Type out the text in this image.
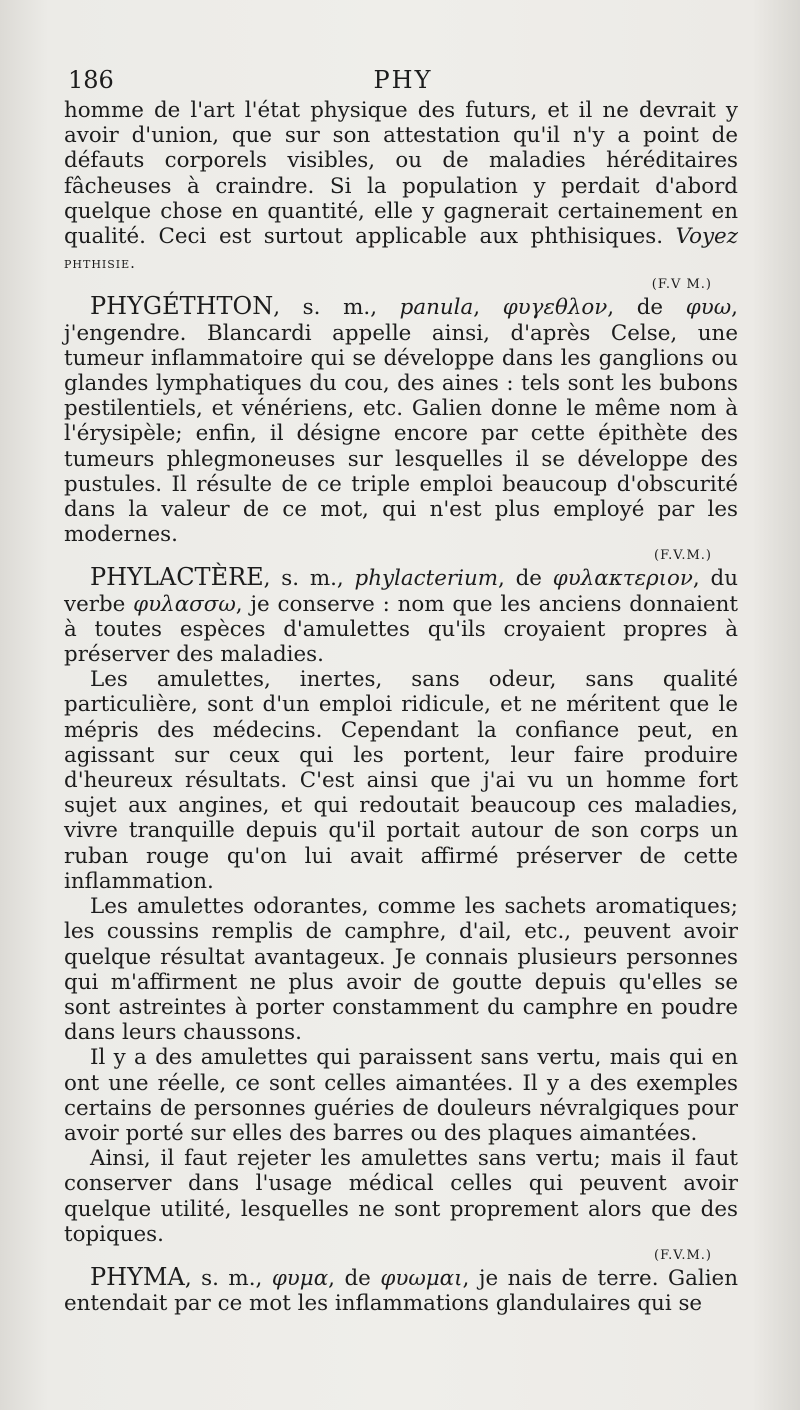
186	PHY

homme de l'art l'état physique des futurs, et il ne devrait y avoir d'union, que sur son attestation qu'il n'y a point de défauts corporels visibles, ou de maladies héréditaires fâcheuses à craindre. Si la population y perdait d'abord quelque chose en quantité, elle y gagnerait certainement en qualité. Ceci est surtout applicable aux phthisiques. Voyez phthisie.

(F.V M.)

PHYGÉTHTON, s. m., panula, φυγεθλον, de φυω, j'engendre. Blancardi appelle ainsi, d'après Celse, une tumeur inflammatoire qui se développe dans les ganglions ou glandes lymphatiques du cou, des aines : tels sont les bubons pestilentiels, et vénériens, etc. Galien donne le même nom à l'érysipèle; enfin, il désigne encore par cette épithète des tumeurs phlegmoneuses sur lesquelles il se développe des pustules. Il résulte de ce triple emploi beaucoup d'obscurité dans la valeur de ce mot, qui n'est plus employé par les modernes.

(F.V.M.)

PHYLACTÈRE, s. m., phylacterium, de φυλακτεριον, du verbe φυλασσω, je conserve : nom que les anciens donnaient à toutes espèces d'amulettes qu'ils croyaient propres à préserver des maladies.

Les amulettes, inertes, sans odeur, sans qualité particulière, sont d'un emploi ridicule, et ne méritent que le mépris des médecins. Cependant la confiance peut, en agissant sur ceux qui les portent, leur faire produire d'heureux résultats. C'est ainsi que j'ai vu un homme fort sujet aux angines, et qui redoutait beaucoup ces maladies, vivre tranquille depuis qu'il portait autour de son corps un ruban rouge qu'on lui avait affirmé préserver de cette inflammation.

Les amulettes odorantes, comme les sachets aromatiques; les coussins remplis de camphre, d'ail, etc., peuvent avoir quelque résultat avantageux. Je connais plusieurs personnes qui m'affirment ne plus avoir de goutte depuis qu'elles se sont astreintes à porter constamment du camphre en poudre dans leurs chaussons.

Il y a des amulettes qui paraissent sans vertu, mais qui en ont une réelle, ce sont celles aimantées. Il y a des exemples certains de personnes guéries de douleurs névralgiques pour avoir porté sur elles des barres ou des plaques aimantées.

Ainsi, il faut rejeter les amulettes sans vertu; mais il faut conserver dans l'usage médical celles qui peuvent avoir quelque utilité, lesquelles ne sont proprement alors que des topiques.

(F.V.M.)

PHYMA, s. m., φυμα, de φυωμαι, je nais de terre. Galien entendait par ce mot les inflammations glandulaires qui se
